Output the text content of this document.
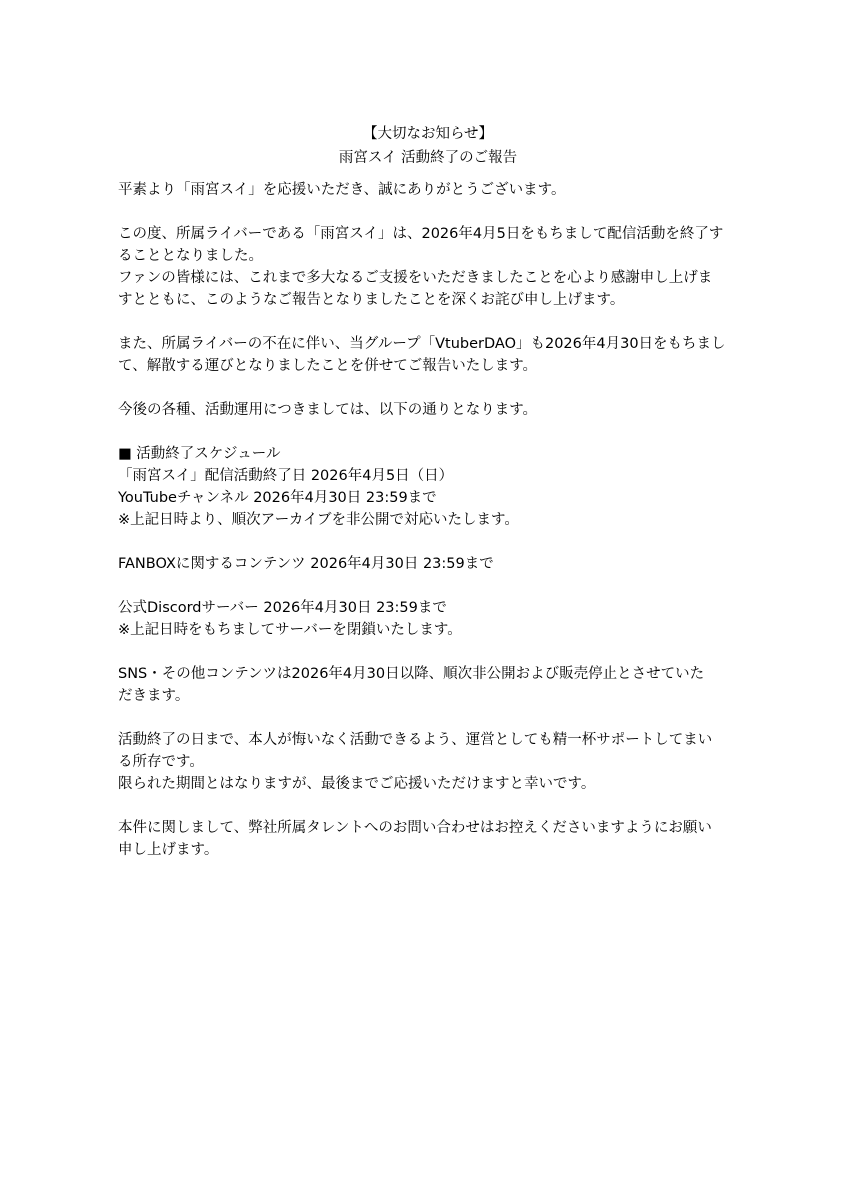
【大切なお知らせ】
雨宮スイ 活動終了のご報告
平素より「雨宮スイ」を応援いただき、誠にありがとうございます。
この度、所属ライバーである「雨宮スイ」は、2026年4月5日をもちまして配信活動を終了す
ることとなりました。
ファンの皆様には、これまで多大なるご支援をいただきましたことを心より感謝申し上げま
すとともに、このようなご報告となりましたことを深くお詫び申し上げます。
また、所属ライバーの不在に伴い、当グループ「VtuberDAO」も2026年4月30日をもちまし
て、解散する運びとなりましたことを併せてご報告いたします。
今後の各種、活動運用につきましては、以下の通りとなります。
■ 活動終了スケジュール
「雨宮スイ」配信活動終了日 2026年4月5日（日）
YouTubeチャンネル 2026年4月30日 23:59まで
※上記日時より、順次アーカイブを非公開で対応いたします。
FANBOXに関するコンテンツ 2026年4月30日 23:59まで
公式Discordサーバー 2026年4月30日 23:59まで
※上記日時をもちましてサーバーを閉鎖いたします。
SNS・その他コンテンツは2026年4月30日以降、順次非公開および販売停止とさせていた
だきます。
活動終了の日まで、本人が悔いなく活動できるよう、運営としても精一杯サポートしてまい
る所存です。
限られた期間とはなりますが、最後までご応援いただけますと幸いです。
本件に関しまして、弊社所属タレントへのお問い合わせはお控えくださいますようにお願い
申し上げます。
